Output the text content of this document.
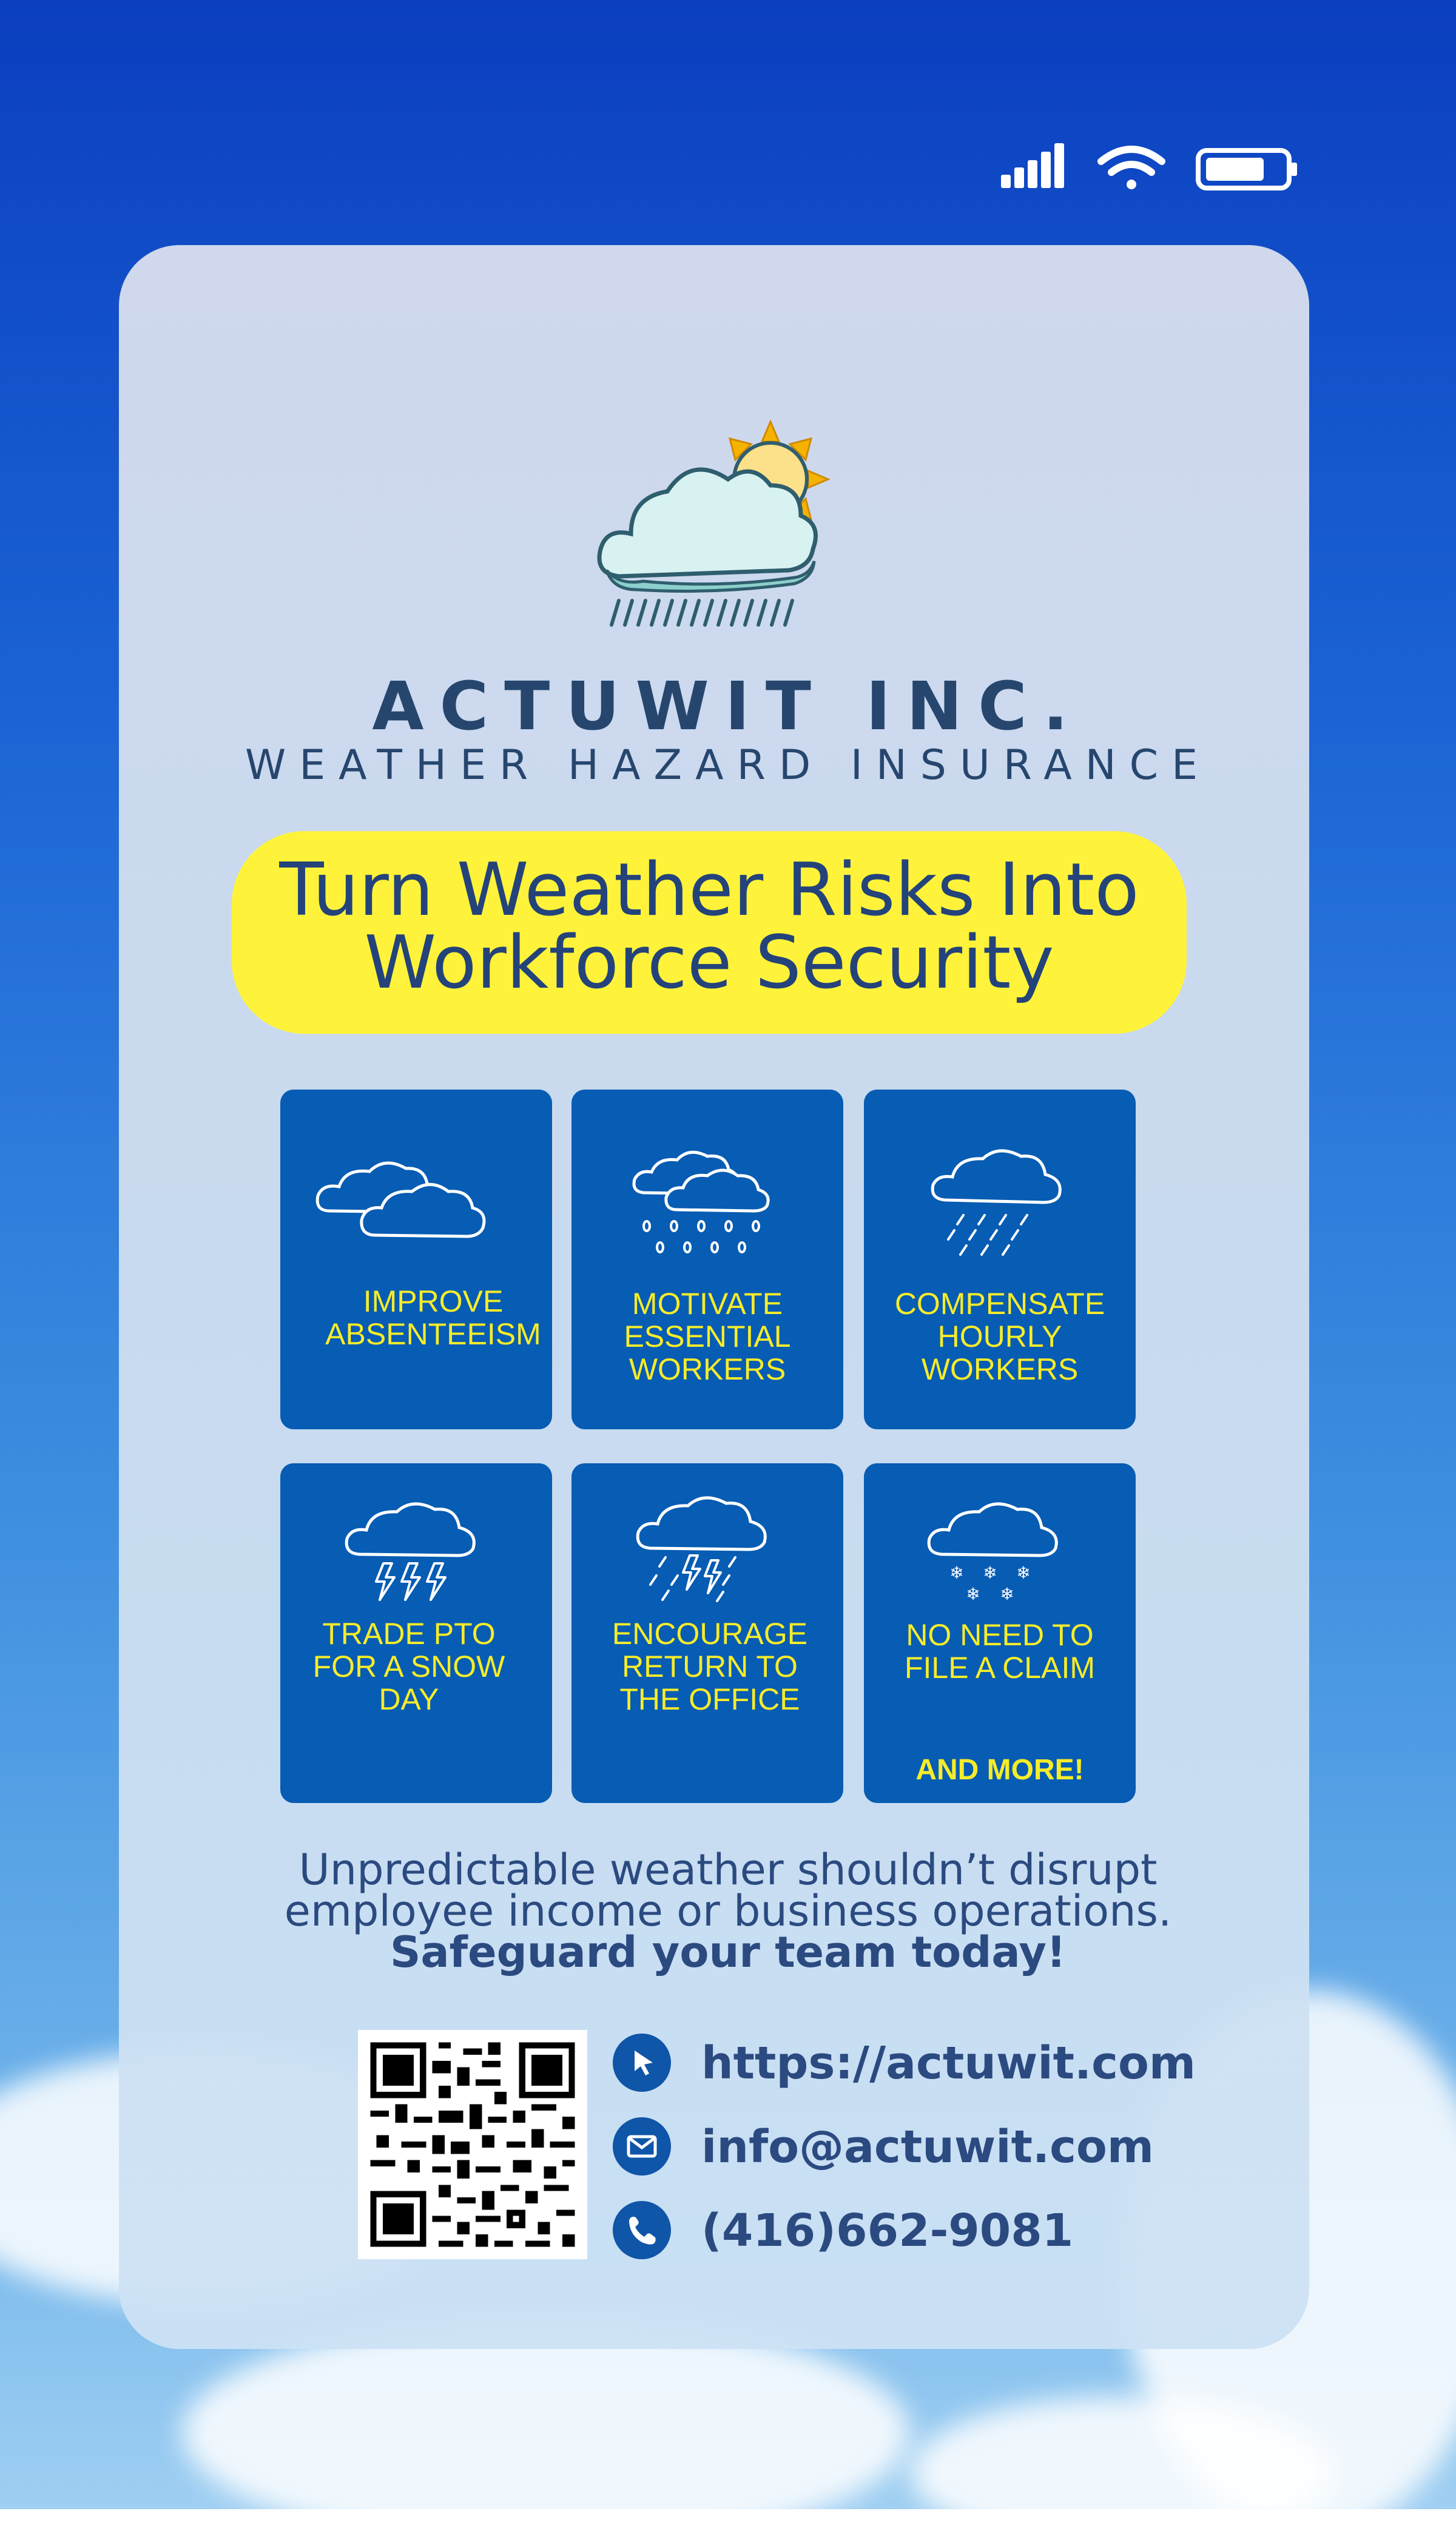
ACTUWIT INC.
WEATHER HAZARD INSURANCE
Turn Weather Risks Into
Workforce Security
IMPROVE
ABSENTEEISM
MOTIVATE
ESSENTIAL
WORKERS
COMPENSATE
HOURLY
WORKERS
TRADE PTO
FOR A SNOW
DAY
ENCOURAGE
RETURN TO
THE OFFICE
❄ ❄ ❄
❄ ❄
NO NEED TO
FILE A CLAIM
AND MORE!
Unpredictable weather shouldn’t disrupt
employee income or business operations.
Safeguard your team today!
https://actuwit.com
info@actuwit.com
(416)662-9081
